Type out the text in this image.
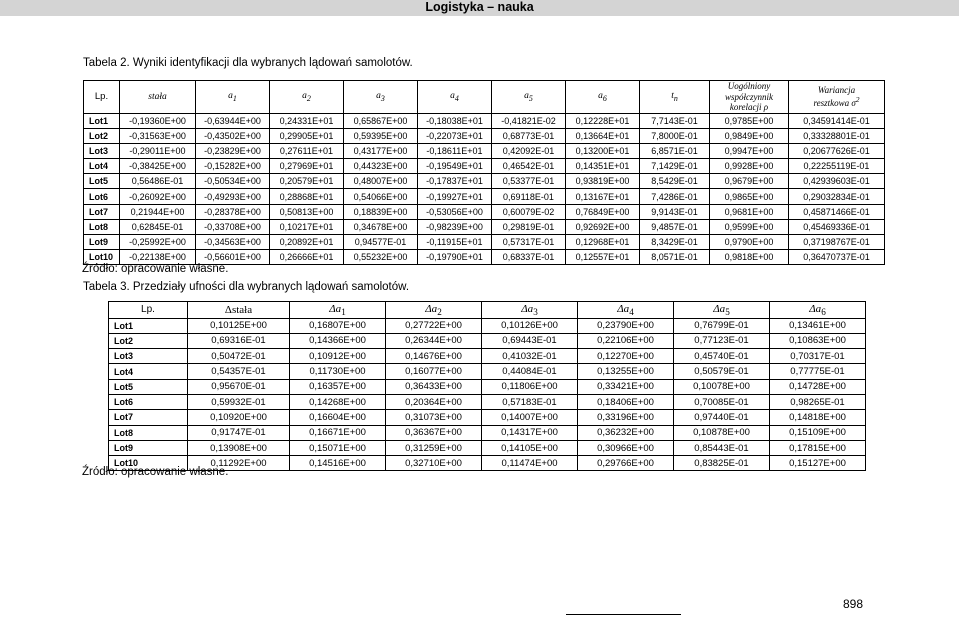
Logistyka – nauka
Tabela 2. Wyniki identyfikacji dla wybranych lądowań samolotów.
Lp.	stała	$a_1$	$a_2$	$a_3$	$a_4$	$a_5$	$a_6$	$t_n$	Uogólniony
współczynnik
korelacji ρ	Wariancja
resztkowa $\sigma^2$
Lot1	-0,19360E+00	-0,63944E+00	0,24331E+01	0,65867E+00	-0,18038E+01	-0,41821E-02	0,12228E+01	7,7143E-01	0,9785E+00	0,34591414E-01
Lot2	-0,31563E+00	-0,43502E+00	0,29905E+01	0,59395E+00	-0,22073E+01	0,68773E-01	0,13664E+01	7,8000E-01	0,9849E+00	0,33328801E-01
Lot3	-0,29011E+00	-0,23829E+00	0,27611E+01	0,43177E+00	-0,18611E+01	0,42092E-01	0,13200E+01	6,8571E-01	0,9947E+00	0,20677626E-01
Lot4	-0,38425E+00	-0,15282E+00	0,27969E+01	0,44323E+00	-0,19549E+01	0,46542E-01	0,14351E+01	7,1429E-01	0,9928E+00	0,22255119E-01
Lot5	0,56486E-01	-0,50534E+00	0,20579E+01	0,48007E+00	-0,17837E+01	0,53377E-01	0,93819E+00	8,5429E-01	0,9679E+00	0,42939603E-01
Lot6	-0,26092E+00	-0,49293E+00	0,28868E+01	0,54066E+00	-0,19927E+01	0,69118E-01	0,13167E+01	7,4286E-01	0,9865E+00	0,29032834E-01
Lot7	0,21944E+00	-0,28378E+00	0,50813E+00	0,18839E+00	-0,53056E+00	0,60079E-02	0,76849E+00	9,9143E-01	0,9681E+00	0,45871466E-01
Lot8	0,62845E-01	-0,33708E+00	0,10217E+01	0,34678E+00	-0,98239E+00	0,29819E-01	0,92692E+00	9,4857E-01	0,9599E+00	0,45469336E-01
Lot9	-0,25992E+00	-0,34563E+00	0,20892E+01	0,94577E-01	-0,11915E+01	0,57317E-01	0,12968E+01	8,3429E-01	0,9790E+00	0,37198767E-01
Lot10	-0,22138E+00	-0,56601E+00	0,26666E+01	0,55232E+00	-0,19790E+01	0,68337E-01	0,12557E+01	8,0571E-01	0,9818E+00	0,36470737E-01
Źródło: opracowanie własne.
Tabela 3. Przedziały ufności dla wybranych lądowań samolotów.
Lp.	Δstała	$\Delta a_1$	$\Delta a_2$	$\Delta a_3$	$\Delta a_4$	$\Delta a_5$	$\Delta a_6$
Lot1	0,10125E+00	0,16807E+00	0,27722E+00	0,10126E+00	0,23790E+00	0,76799E-01	0,13461E+00
Lot2	0,69316E-01	0,14366E+00	0,26344E+00	0,69443E-01	0,22106E+00	0,77123E-01	0,10863E+00
Lot3	0,50472E-01	0,10912E+00	0,14676E+00	0,41032E-01	0,12270E+00	0,45740E-01	0,70317E-01
Lot4	0,54357E-01	0,11730E+00	0,16077E+00	0,44084E-01	0,13255E+00	0,50579E-01	0,77775E-01
Lot5	0,95670E-01	0,16357E+00	0,36433E+00	0,11806E+00	0,33421E+00	0,10078E+00	0,14728E+00
Lot6	0,59932E-01	0,14268E+00	0,20364E+00	0,57183E-01	0,18406E+00	0,70085E-01	0,98265E-01
Lot7	0,10920E+00	0,16604E+00	0,31073E+00	0,14007E+00	0,33196E+00	0,97440E-01	0,14818E+00
Lot8	0,91747E-01	0,16671E+00	0,36367E+00	0,14317E+00	0,36232E+00	0,10878E+00	0,15109E+00
Lot9	0,13908E+00	0,15071E+00	0,31259E+00	0,14105E+00	0,30966E+00	0,85443E-01	0,17815E+00
Lot10	0,11292E+00	0,14516E+00	0,32710E+00	0,11474E+00	0,29766E+00	0,83825E-01	0,15127E+00
Źródło: opracowanie własne.
898
